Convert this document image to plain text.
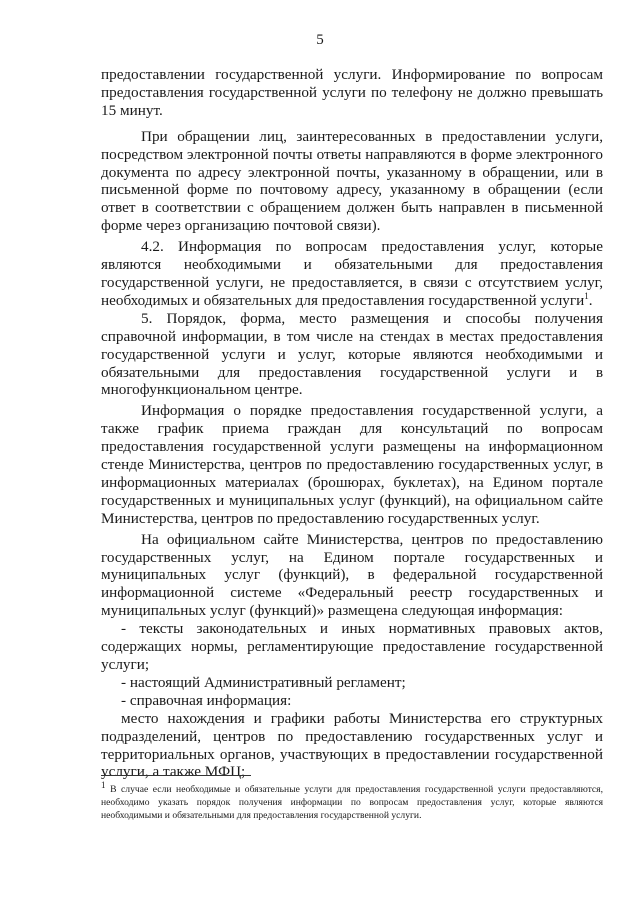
5

предоставлении государственной услуги. Информирование по вопросам предоставления государственной услуги по телефону не должно превышать 15 минут.

При обращении лиц, заинтересованных в предоставлении услуги, посредством электронной почты ответы направляются в форме электронного документа по адресу электронной почты, указанному в обращении, или в письменной форме по почтовому адресу, указанному в обращении (если ответ в соответствии с обращением должен быть направлен в письменной форме через организацию почтовой связи).

4.2. Информация по вопросам предоставления услуг, которые являются необходимыми и обязательными для предоставления государственной услуги, не предоставляется, в связи с отсутствием услуг, необходимых и обязательных для предоставления государственной услуги$^1$.

5. Порядок, форма, место размещения и способы получения справочной информации, в том числе на стендах в местах предоставления государственной услуги и услуг, которые являются необходимыми и обязательными для предоставления государственной услуги и в многофункциональном центре.

Информация о порядке предоставления государственной услуги, а также график приема граждан для консультаций по вопросам предоставления государственной услуги размещены на информационном стенде Министерства, центров по предоставлению государственных услуг, в информационных материалах (брошюрах, буклетах), на Едином портале государственных и муниципальных услуг (функций), на официальном сайте Министерства, центров по предоставлению государственных услуг.

На официальном сайте Министерства, центров по предоставлению государственных услуг, на Едином портале государственных и муниципальных услуг (функций), в федеральной государственной информационной системе «Федеральный реестр государственных и муниципальных услуг (функций)» размещена следующая информация:

- тексты законодательных и иных нормативных правовых актов, содержащих нормы, регламентирующие предоставление государственной услуги;

- настоящий Административный регламент;

- справочная информация:

место нахождения и графики работы Министерства его структурных подразделений, центров по предоставлению государственных услуг и территориальных органов, участвующих в предоставлении государственной услуги, а также МФЦ;

$^1$ В случае если необходимые и обязательные услуги для предоставления государственной услуги предоставляются, необходимо указать порядок получения информации по вопросам предоставления услуг, которые являются необходимыми и обязательными для предоставления государственной услуги.
